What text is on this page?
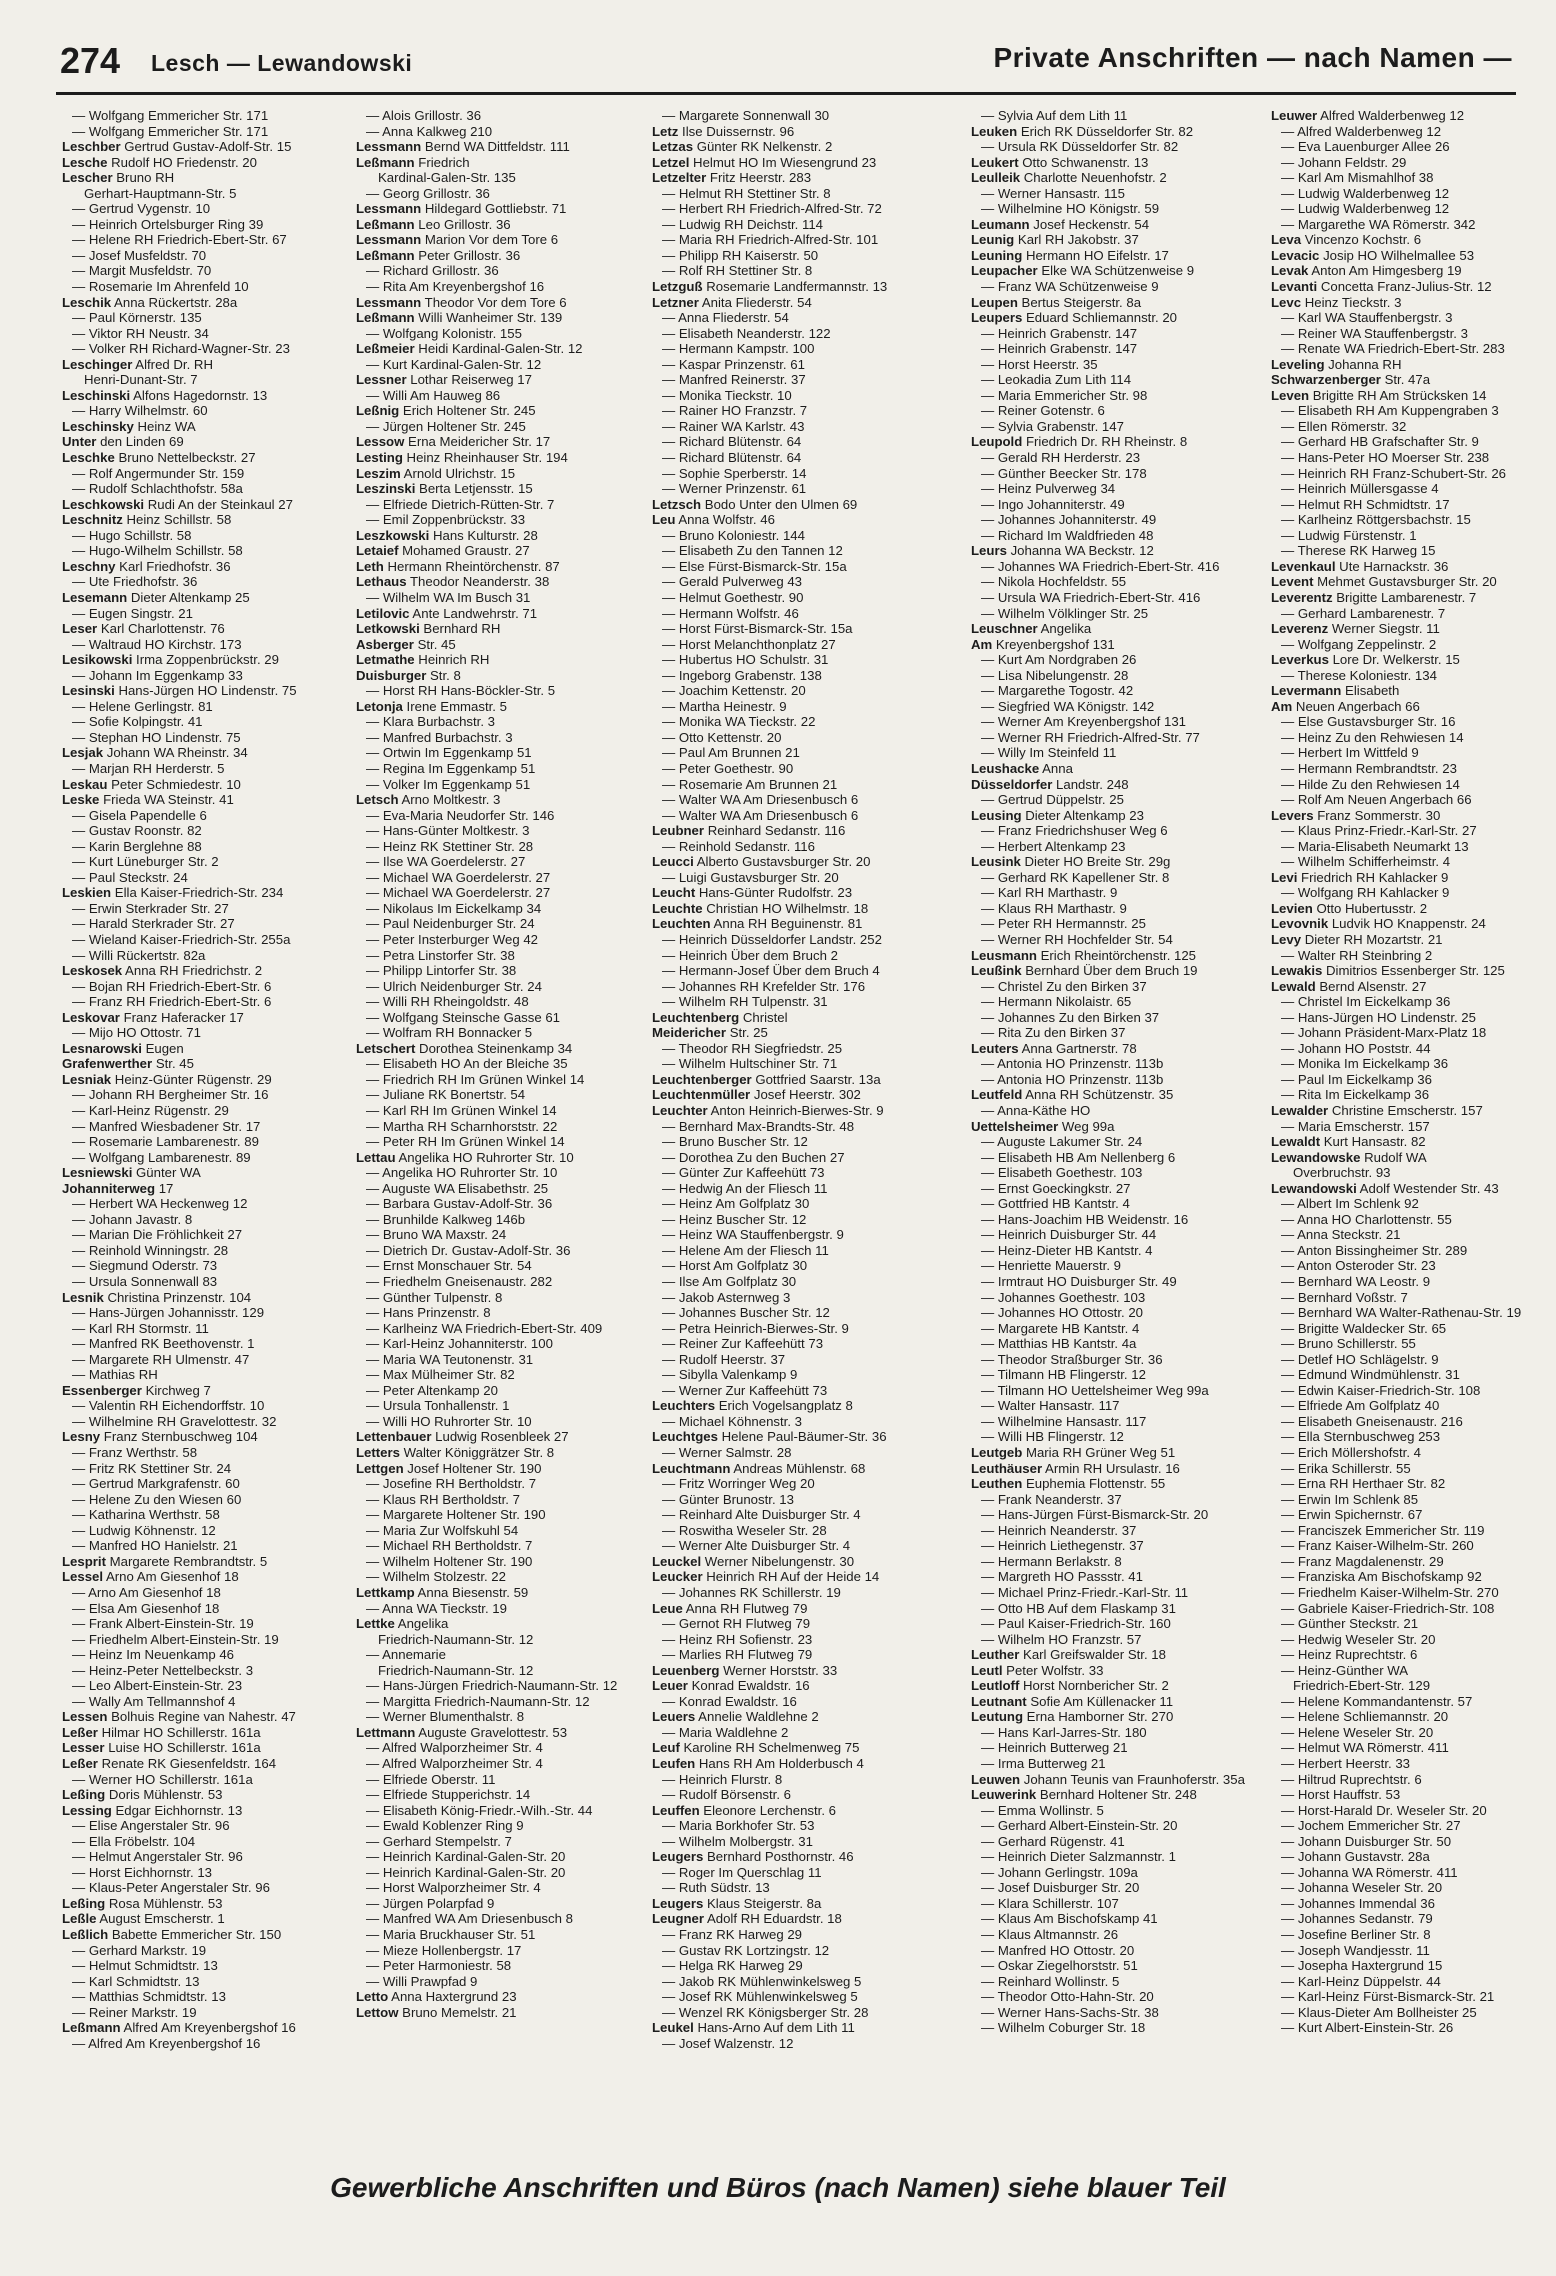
274 Lesch — Lewandowski	Private Anschriften — nach Namen —
— Wolfgang Emmericher Str. 171
— Wolfgang Emmericher Str. 171
Leschber Gertrud Gustav-Adolf-Str. 15
Lesche Rudolf HO Friedenstr. 20
Lescher Bruno RH
Gerhart-Hauptmann-Str. 5
— Gertrud Vygenstr. 10
— Heinrich Ortelsburger Ring 39
— Helene RH Friedrich-Ebert-Str. 67
— Josef Musfeldstr. 70
— Margit Musfeldstr. 70
— Rosemarie Im Ahrenfeld 10
Leschik Anna Rückertstr. 28a
— Paul Körnerstr. 135
— Viktor RH Neustr. 34
— Volker RH Richard-Wagner-Str. 23
Leschinger Alfred Dr. RH
Henri-Dunant-Str. 7
Leschinski Alfons Hagedornstr. 13
— Harry Wilhelmstr. 60
Leschinsky Heinz WA
Unter den Linden 69
Leschke Bruno Nettelbeckstr. 27
— Rolf Angermunder Str. 159
— Rudolf Schlachthofstr. 58a
Leschkowski Rudi An der Steinkaul 27
Leschnitz Heinz Schillstr. 58
— Hugo Schillstr. 58
— Hugo-Wilhelm Schillstr. 58
Leschny Karl Friedhofstr. 36
— Ute Friedhofstr. 36
Lesemann Dieter Altenkamp 25
— Eugen Singstr. 21
Leser Karl Charlottenstr. 76
— Waltraud HO Kirchstr. 173
Lesikowski Irma Zoppenbrückstr. 29
— Johann Im Eggenkamp 33
Lesinski Hans-Jürgen HO Lindenstr. 75
— Helene Gerlingstr. 81
— Sofie Kolpingstr. 41
— Stephan HO Lindenstr. 75
Lesjak Johann WA Rheinstr. 34
— Marjan RH Herderstr. 5
Leskau Peter Schmiedestr. 10
Leske Frieda WA Steinstr. 41
— Gisela Papendelle 6
— Gustav Roonstr. 82
— Karin Berglehne 88
— Kurt Lüneburger Str. 2
— Paul Steckstr. 24
Leskien Ella Kaiser-Friedrich-Str. 234
— Erwin Sterkrader Str. 27
— Harald Sterkrader Str. 27
— Wieland Kaiser-Friedrich-Str. 255a
— Willi Rückertstr. 82a
Leskosek Anna RH Friedrichstr. 2
— Bojan RH Friedrich-Ebert-Str. 6
— Franz RH Friedrich-Ebert-Str. 6
Leskovar Franz Haferacker 17
— Mijo HO Ottostr. 71
Lesnarowski Eugen
Grafenwerther Str. 45
Lesniak Heinz-Günter Rügenstr. 29
— Johann RH Bergheimer Str. 16
— Karl-Heinz Rügenstr. 29
— Manfred Wiesbadener Str. 17
— Rosemarie Lambarenestr. 89
— Wolfgang Lambarenestr. 89
Lesniewski Günter WA
Johanniterweg 17
— Herbert WA Heckenweg 12
— Johann Javastr. 8
— Marian Die Fröhlichkeit 27
— Reinhold Winningstr. 28
— Siegmund Oderstr. 73
— Ursula Sonnenwall 83
Lesnik Christina Prinzenstr. 104
— Hans-Jürgen Johannisstr. 129
— Karl RH Stormstr. 11
— Manfred RK Beethovenstr. 1
— Margarete RH Ulmenstr. 47
— Mathias RH
Essenberger Kirchweg 7
— Valentin RH Eichendorffstr. 10
— Wilhelmine RH Gravelottestr. 32
Lesny Franz Sternbuschweg 104
— Franz Werthstr. 58
— Fritz RK Stettiner Str. 24
— Gertrud Markgrafenstr. 60
— Helene Zu den Wiesen 60
— Katharina Werthstr. 58
— Ludwig Köhnenstr. 12
— Manfred HO Hanielstr. 21
Lesprit Margarete Rembrandtstr. 5
Lessel Arno Am Giesenhof 18
— Arno Am Giesenhof 18
— Elsa Am Giesenhof 18
— Frank Albert-Einstein-Str. 19
— Friedhelm Albert-Einstein-Str. 19
— Heinz Im Neuenkamp 46
— Heinz-Peter Nettelbeckstr. 3
— Leo Albert-Einstein-Str. 23
— Wally Am Tellmannshof 4
Lessen Bolhuis Regine van Nahestr. 47
Leßer Hilmar HO Schillerstr. 161a
Lesser Luise HO Schillerstr. 161a
Leßer Renate RK Giesenfeldstr. 164
— Werner HO Schillerstr. 161a
Leßing Doris Mühlenstr. 53
Lessing Edgar Eichhornstr. 13
— Elise Angerstaler Str. 96
— Ella Fröbelstr. 104
— Helmut Angerstaler Str. 96
— Horst Eichhornstr. 13
— Klaus-Peter Angerstaler Str. 96
Leßing Rosa Mühlenstr. 53
Leßle August Emscherstr. 1
Leßlich Babette Emmericher Str. 150
— Gerhard Markstr. 19
— Helmut Schmidtstr. 13
— Karl Schmidtstr. 13
— Matthias Schmidtstr. 13
— Reiner Markstr. 19
Leßmann Alfred Am Kreyenbergshof 16
— Alfred Am Kreyenbergshof 16
— Alois Grillostr. 36
— Anna Kalkweg 210
Lessmann Bernd WA Dittfeldstr. 111
Leßmann Friedrich
Kardinal-Galen-Str. 135
— Georg Grillostr. 36
Lessmann Hildegard Gottliebstr. 71
Leßmann Leo Grillostr. 36
Lessmann Marion Vor dem Tore 6
Leßmann Peter Grillostr. 36
— Richard Grillostr. 36
— Rita Am Kreyenbergshof 16
Lessmann Theodor Vor dem Tore 6
Leßmann Willi Wanheimer Str. 139
— Wolfgang Kolonistr. 155
Leßmeier Heidi Kardinal-Galen-Str. 12
— Kurt Kardinal-Galen-Str. 12
Lessner Lothar Reiserweg 17
— Willi Am Hauweg 86
Leßnig Erich Holtener Str. 245
— Jürgen Holtener Str. 245
Lessow Erna Meidericher Str. 17
Lesting Heinz Rheinhauser Str. 194
Leszim Arnold Ulrichstr. 15
Leszinski Berta Letjensstr. 15
— Elfriede Dietrich-Rütten-Str. 7
— Emil Zoppenbrückstr. 33
Leszkowski Hans Kulturstr. 28
Letaief Mohamed Graustr. 27
Leth Hermann Rheintörchenstr. 87
Lethaus Theodor Neanderstr. 38
— Wilhelm WA Im Busch 31
Letilovic Ante Landwehrstr. 71
Letkowski Bernhard RH
Asberger Str. 45
Letmathe Heinrich RH
Duisburger Str. 8
— Horst RH Hans-Böckler-Str. 5
Letonja Irene Emmastr. 5
— Klara Burbachstr. 3
— Manfred Burbachstr. 3
— Ortwin Im Eggenkamp 51
— Regina Im Eggenkamp 51
— Volker Im Eggenkamp 51
Letsch Arno Moltkestr. 3
— Eva-Maria Neudorfer Str. 146
— Hans-Günter Moltkestr. 3
— Heinz RK Stettiner Str. 28
— Ilse WA Goerdelerstr. 27
— Michael WA Goerdelerstr. 27
— Michael WA Goerdelerstr. 27
— Nikolaus Im Eickelkamp 34
— Paul Neidenburger Str. 24
— Peter Insterburger Weg 42
— Petra Linstorfer Str. 38
— Philipp Lintorfer Str. 38
— Ulrich Neidenburger Str. 24
— Willi RH Rheingoldstr. 48
— Wolfgang Steinsche Gasse 61
— Wolfram RH Bonnacker 5
Letschert Dorothea Steinenkamp 34
— Elisabeth HO An der Bleiche 35
— Friedrich RH Im Grünen Winkel 14
— Juliane RK Bonertstr. 54
— Karl RH Im Grünen Winkel 14
— Martha RH Scharnhorststr. 22
— Peter RH Im Grünen Winkel 14
Lettau Angelika HO Ruhrorter Str. 10
— Angelika HO Ruhrorter Str. 10
— Auguste WA Elisabethstr. 25
— Barbara Gustav-Adolf-Str. 36
— Brunhilde Kalkweg 146b
— Bruno WA Maxstr. 24
— Dietrich Dr. Gustav-Adolf-Str. 36
— Ernst Monschauer Str. 54
— Friedhelm Gneisenaustr. 282
— Günther Tulpenstr. 8
— Hans Prinzenstr. 8
— Karlheinz WA Friedrich-Ebert-Str. 409
— Karl-Heinz Johanniterstr. 100
— Maria WA Teutonenstr. 31
— Max Mülheimer Str. 82
— Peter Altenkamp 20
— Ursula Tonhallenstr. 1
— Willi HO Ruhrorter Str. 10
Lettenbauer Ludwig Rosenbleek 27
Letters Walter Königgrätzer Str. 8
Lettgen Josef Holtener Str. 190
— Josefine RH Bertholdstr. 7
— Klaus RH Bertholdstr. 7
— Margarete Holtener Str. 190
— Maria Zur Wolfskuhl 54
— Michael RH Bertholdstr. 7
— Wilhelm Holtener Str. 190
— Wilhelm Stolzestr. 22
Lettkamp Anna Biesenstr. 59
— Anna WA Tieckstr. 19
Lettke Angelika
Friedrich-Naumann-Str. 12
— Annemarie
Friedrich-Naumann-Str. 12
— Hans-Jürgen Friedrich-Naumann-Str. 12
— Margitta Friedrich-Naumann-Str. 12
— Werner Blumenthalstr. 8
Lettmann Auguste Gravelottestr. 53
— Alfred Walporzheimer Str. 4
— Alfred Walporzheimer Str. 4
— Elfriede Oberstr. 11
— Elfriede Stupperichstr. 14
— Elisabeth König-Friedr.-Wilh.-Str. 44
— Ewald Koblenzer Ring 9
— Gerhard Stempelstr. 7
— Heinrich Kardinal-Galen-Str. 20
— Heinrich Kardinal-Galen-Str. 20
— Horst Walporzheimer Str. 4
— Jürgen Polarpfad 9
— Manfred WA Am Driesenbusch 8
— Maria Bruckhauser Str. 51
— Mieze Hollenbergstr. 17
— Peter Harmoniestr. 58
— Willi Prawpfad 9
Letto Anna Haxtergrund 23
Lettow Bruno Memelstr. 21
— Margarete Sonnenwall 30
Letz Ilse Duissernstr. 96
Letzas Günter RK Nelkenstr. 2
Letzel Helmut HO Im Wiesengrund 23
Letzelter Fritz Heerstr. 283
— Helmut RH Stettiner Str. 8
— Herbert RH Friedrich-Alfred-Str. 72
— Ludwig RH Deichstr. 114
— Maria RH Friedrich-Alfred-Str. 101
— Philipp RH Kaiserstr. 50
— Rolf RH Stettiner Str. 8
Letzguß Rosemarie Landfermannstr. 13
Letzner Anita Fliederstr. 54
— Anna Fliederstr. 54
— Elisabeth Neanderstr. 122
— Hermann Kampstr. 100
— Kaspar Prinzenstr. 61
— Manfred Reinerstr. 37
— Monika Tieckstr. 10
— Rainer HO Franzstr. 7
— Rainer WA Karlstr. 43
— Richard Blütenstr. 64
— Richard Blütenstr. 64
— Sophie Sperberstr. 14
— Werner Prinzenstr. 61
Letzsch Bodo Unter den Ulmen 69
Leu Anna Wolfstr. 46
— Bruno Koloniestr. 144
— Elisabeth Zu den Tannen 12
— Else Fürst-Bismarck-Str. 15a
— Gerald Pulverweg 43
— Helmut Goethestr. 90
— Hermann Wolfstr. 46
— Horst Fürst-Bismarck-Str. 15a
— Horst Melanchthonplatz 27
— Hubertus HO Schulstr. 31
— Ingeborg Grabenstr. 138
— Joachim Kettenstr. 20
— Martha Heinestr. 9
— Monika WA Tieckstr. 22
— Otto Kettenstr. 20
— Paul Am Brunnen 21
— Peter Goethestr. 90
— Rosemarie Am Brunnen 21
— Walter WA Am Driesenbusch 6
— Walter WA Am Driesenbusch 6
Leubner Reinhard Sedanstr. 116
— Reinhold Sedanstr. 116
Leucci Alberto Gustavsburger Str. 20
— Luigi Gustavsburger Str. 20
Leucht Hans-Günter Rudolfstr. 23
Leuchte Christian HO Wilhelmstr. 18
Leuchten Anna RH Beguinenstr. 81
— Heinrich Düsseldorfer Landstr. 252
— Heinrich Über dem Bruch 2
— Hermann-Josef Über dem Bruch 4
— Johannes RH Krefelder Str. 176
— Wilhelm RH Tulpenstr. 31
Leuchtenberg Christel
Meidericher Str. 25
— Theodor RH Siegfriedstr. 25
— Wilhelm Hultschiner Str. 71
Leuchtenberger Gottfried Saarstr. 13a
Leuchtenmüller Josef Heerstr. 302
Leuchter Anton Heinrich-Bierwes-Str. 9
— Bernhard Max-Brandts-Str. 48
— Bruno Buscher Str. 12
— Dorothea Zu den Buchen 27
— Günter Zur Kaffeehütt 73
— Hedwig An der Fliesch 11
— Heinz Am Golfplatz 30
— Heinz Buscher Str. 12
— Heinz WA Stauffenbergstr. 9
— Helene Am der Fliesch 11
— Horst Am Golfplatz 30
— Ilse Am Golfplatz 30
— Jakob Asternweg 3
— Johannes Buscher Str. 12
— Petra Heinrich-Bierwes-Str. 9
— Reiner Zur Kaffeehütt 73
— Rudolf Heerstr. 37
— Sibylla Valenkamp 9
— Werner Zur Kaffeehütt 73
Leuchters Erich Vogelsangplatz 8
— Michael Köhnenstr. 3
Leuchtges Helene Paul-Bäumer-Str. 36
— Werner Salmstr. 28
Leuchtmann Andreas Mühlenstr. 68
— Fritz Worringer Weg 20
— Günter Brunostr. 13
— Reinhard Alte Duisburger Str. 4
— Roswitha Weseler Str. 28
— Werner Alte Duisburger Str. 4
Leuckel Werner Nibelungenstr. 30
Leucker Heinrich RH Auf der Heide 14
— Johannes RK Schillerstr. 19
Leue Anna RH Flutweg 79
— Gernot RH Flutweg 79
— Heinz RH Sofienstr. 23
— Marlies RH Flutweg 79
Leuenberg Werner Horststr. 33
Leuer Konrad Ewaldstr. 16
— Konrad Ewaldstr. 16
Leuers Annelie Waldlehne 2
— Maria Waldlehne 2
Leuf Karoline RH Schelmenweg 75
Leufen Hans RH Am Holderbusch 4
— Heinrich Flurstr. 8
— Rudolf Börsenstr. 6
Leuffen Eleonore Lerchenstr. 6
— Maria Borkhofer Str. 53
— Wilhelm Molbergstr. 31
Leugers Bernhard Posthornstr. 46
— Roger Im Querschlag 11
— Ruth Südstr. 13
Leugers Klaus Steigerstr. 8a
Leugner Adolf RH Eduardstr. 18
— Franz RK Harweg 29
— Gustav RK Lortzingstr. 12
— Helga RK Harweg 29
— Jakob RK Mühlenwinkelsweg 5
— Josef RK Mühlenwinkelsweg 5
— Wenzel RK Königsberger Str. 28
Leukel Hans-Arno Auf dem Lith 11
— Josef Walzenstr. 12
— Sylvia Auf dem Lith 11
Leuken Erich RK Düsseldorfer Str. 82
— Ursula RK Düsseldorfer Str. 82
Leukert Otto Schwanenstr. 13
Leulleik Charlotte Neuenhofstr. 2
— Werner Hansastr. 115
— Wilhelmine HO Königstr. 59
Leumann Josef Heckenstr. 54
Leunig Karl RH Jakobstr. 37
Leuning Hermann HO Eifelstr. 17
Leupacher Elke WA Schützenweise 9
— Franz WA Schützenweise 9
Leupen Bertus Steigerstr. 8a
Leupers Eduard Schliemannstr. 20
— Heinrich Grabenstr. 147
— Heinrich Grabenstr. 147
— Horst Heerstr. 35
— Leokadia Zum Lith 114
— Maria Emmericher Str. 98
— Reiner Gotenstr. 6
— Sylvia Grabenstr. 147
Leupold Friedrich Dr. RH Rheinstr. 8
— Gerald RH Herderstr. 23
— Günther Beecker Str. 178
— Heinz Pulverweg 34
— Ingo Johanniterstr. 49
— Johannes Johanniterstr. 49
— Richard Im Waldfrieden 48
Leurs Johanna WA Beckstr. 12
— Johannes WA Friedrich-Ebert-Str. 416
— Nikola Hochfeldstr. 55
— Ursula WA Friedrich-Ebert-Str. 416
— Wilhelm Völklinger Str. 25
Leuschner Angelika
Am Kreyenbergshof 131
— Kurt Am Nordgraben 26
— Lisa Nibelungenstr. 28
— Margarethe Togostr. 42
— Siegfried WA Königstr. 142
— Werner Am Kreyenbergshof 131
— Werner RH Friedrich-Alfred-Str. 77
— Willy Im Steinfeld 11
Leushacke Anna
Düsseldorfer Landstr. 248
— Gertrud Düppelstr. 25
Leusing Dieter Altenkamp 23
— Franz Friedrichshuser Weg 6
— Herbert Altenkamp 23
Leusink Dieter HO Breite Str. 29g
— Gerhard RK Kapellener Str. 8
— Karl RH Marthastr. 9
— Klaus RH Marthastr. 9
— Peter RH Hermannstr. 25
— Werner RH Hochfelder Str. 54
Leusmann Erich Rheintörchenstr. 125
Leußink Bernhard Über dem Bruch 19
— Christel Zu den Birken 37
— Hermann Nikolaistr. 65
— Johannes Zu den Birken 37
— Rita Zu den Birken 37
Leuters Anna Gartnerstr. 78
— Antonia HO Prinzenstr. 113b
— Antonia HO Prinzenstr. 113b
Leutfeld Anna RH Schützenstr. 35
— Anna-Käthe HO
Uettelsheimer Weg 99a
— Auguste Lakumer Str. 24
— Elisabeth HB Am Nellenberg 6
— Elisabeth Goethestr. 103
— Ernst Goeckingkstr. 27
— Gottfried HB Kantstr. 4
— Hans-Joachim HB Weidenstr. 16
— Heinrich Duisburger Str. 44
— Heinz-Dieter HB Kantstr. 4
— Henriette Mauerstr. 9
— Irmtraut HO Duisburger Str. 49
— Johannes Goethestr. 103
— Johannes HO Ottostr. 20
— Margarete HB Kantstr. 4
— Matthias HB Kantstr. 4a
— Theodor Straßburger Str. 36
— Tilmann HB Flingerstr. 12
— Tilmann HO Uettelsheimer Weg 99a
— Walter Hansastr. 117
— Wilhelmine Hansastr. 117
— Willi HB Flingerstr. 12
Leutgeb Maria RH Grüner Weg 51
Leuthäuser Armin RH Ursulastr. 16
Leuthen Euphemia Flottenstr. 55
— Frank Neanderstr. 37
— Hans-Jürgen Fürst-Bismarck-Str. 20
— Heinrich Neanderstr. 37
— Heinrich Liethegenstr. 37
— Hermann Berlakstr. 8
— Margreth HO Passstr. 41
— Michael Prinz-Friedr.-Karl-Str. 11
— Otto HB Auf dem Flaskamp 31
— Paul Kaiser-Friedrich-Str. 160
— Wilhelm HO Franzstr. 57
Leuther Karl Greifswalder Str. 18
Leutl Peter Wolfstr. 33
Leutloff Horst Nornbericher Str. 2
Leutnant Sofie Am Küllenacker 11
Leutung Erna Hamborner Str. 270
— Hans Karl-Jarres-Str. 180
— Heinrich Butterweg 21
— Irma Butterweg 21
Leuwen Johann Teunis van Fraunhoferstr. 35a
Leuwerink Bernhard Holtener Str. 248
— Emma Wollinstr. 5
— Gerhard Albert-Einstein-Str. 20
— Gerhard Rügenstr. 41
— Heinrich Dieter Salzmannstr. 1
— Johann Gerlingstr. 109a
— Josef Duisburger Str. 20
— Klara Schillerstr. 107
— Klaus Am Bischofskamp 41
— Klaus Altmannstr. 26
— Manfred HO Ottostr. 20
— Oskar Ziegelhorststr. 51
— Reinhard Wollinstr. 5
— Theodor Otto-Hahn-Str. 20
— Werner Hans-Sachs-Str. 38
— Wilhelm Coburger Str. 18
Leuwer Alfred Walderbenweg 12
— Alfred Walderbenweg 12
— Eva Lauenburger Allee 26
— Johann Feldstr. 29
— Karl Am Mismahlhof 38
— Ludwig Walderbenweg 12
— Ludwig Walderbenweg 12
— Margarethe WA Römerstr. 342
Leva Vincenzo Kochstr. 6
Levacic Josip HO Wilhelmallee 53
Levak Anton Am Himgesberg 19
Levanti Concetta Franz-Julius-Str. 12
Levc Heinz Tieckstr. 3
— Karl WA Stauffenbergstr. 3
— Reiner WA Stauffenbergstr. 3
— Renate WA Friedrich-Ebert-Str. 283
Leveling Johanna RH
Schwarzenberger Str. 47a
Leven Brigitte RH Am Strücksken 14
— Elisabeth RH Am Kuppengraben 3
— Ellen Römerstr. 32
— Gerhard HB Grafschafter Str. 9
— Hans-Peter HO Moerser Str. 238
— Heinrich RH Franz-Schubert-Str. 26
— Heinrich Müllersgasse 4
— Helmut RH Schmidtstr. 17
— Karlheinz Röttgersbachstr. 15
— Ludwig Fürstenstr. 1
— Therese RK Harweg 15
Levenkaul Ute Harnackstr. 36
Levent Mehmet Gustavsburger Str. 20
Leverentz Brigitte Lambarenestr. 7
— Gerhard Lambarenestr. 7
Leverenz Werner Siegstr. 11
— Wolfgang Zeppelinstr. 2
Leverkus Lore Dr. Welkerstr. 15
— Therese Koloniestr. 134
Levermann Elisabeth
Am Neuen Angerbach 66
— Else Gustavsburger Str. 16
— Heinz Zu den Rehwiesen 14
— Herbert Im Wittfeld 9
— Hermann Rembrandtstr. 23
— Hilde Zu den Rehwiesen 14
— Rolf Am Neuen Angerbach 66
Levers Franz Sommerstr. 30
— Klaus Prinz-Friedr.-Karl-Str. 27
— Maria-Elisabeth Neumarkt 13
— Wilhelm Schifferheimstr. 4
Levi Friedrich RH Kahlacker 9
— Wolfgang RH Kahlacker 9
Levien Otto Hubertusstr. 2
Levovnik Ludvik HO Knappenstr. 24
Levy Dieter RH Mozartstr. 21
— Walter RH Steinbring 2
Lewakis Dimitrios Essenberger Str. 125
Lewald Bernd Alsenstr. 27
— Christel Im Eickelkamp 36
— Hans-Jürgen HO Lindenstr. 25
— Johann Präsident-Marx-Platz 18
— Johann HO Poststr. 44
— Monika Im Eickelkamp 36
— Paul Im Eickelkamp 36
— Rita Im Eickelkamp 36
Lewalder Christine Emscherstr. 157
— Maria Emscherstr. 157
Lewaldt Kurt Hansastr. 82
Lewandowske Rudolf WA
Overbruchstr. 93
Lewandowski Adolf Westender Str. 43
— Albert Im Schlenk 92
— Anna HO Charlottenstr. 55
— Anna Steckstr. 21
— Anton Bissingheimer Str. 289
— Anton Osteroder Str. 23
— Bernhard WA Leostr. 9
— Bernhard Voßstr. 7
— Bernhard WA Walter-Rathenau-Str. 19
— Brigitte Waldecker Str. 65
— Bruno Schillerstr. 55
— Detlef HO Schlägelstr. 9
— Edmund Windmühlenstr. 31
— Edwin Kaiser-Friedrich-Str. 108
— Elfriede Am Golfplatz 40
— Elisabeth Gneisenaustr. 216
— Ella Sternbuschweg 253
— Erich Möllershofstr. 4
— Erika Schillerstr. 55
— Erna RH Herthaer Str. 82
— Erwin Im Schlenk 85
— Erwin Spichernstr. 67
— Franciszek Emmericher Str. 119
— Franz Kaiser-Wilhelm-Str. 260
— Franz Magdalenenstr. 29
— Franziska Am Bischofskamp 92
— Friedhelm Kaiser-Wilhelm-Str. 270
— Gabriele Kaiser-Friedrich-Str. 108
— Günther Steckstr. 21
— Hedwig Weseler Str. 20
— Heinz Ruprechtstr. 6
— Heinz-Günther WA
Friedrich-Ebert-Str. 129
— Helene Kommandantenstr. 57
— Helene Schliemannstr. 20
— Helene Weseler Str. 20
— Helmut WA Römerstr. 411
— Herbert Heerstr. 33
— Hiltrud Ruprechtstr. 6
— Horst Hauffstr. 53
— Horst-Harald Dr. Weseler Str. 20
— Jochem Emmericher Str. 27
— Johann Duisburger Str. 50
— Johann Gustavstr. 28a
— Johanna WA Römerstr. 411
— Johanna Weseler Str. 20
— Johannes Immendal 36
— Johannes Sedanstr. 79
— Josefine Berliner Str. 8
— Joseph Wandjesstr. 11
— Josepha Haxtergrund 15
— Karl-Heinz Düppelstr. 44
— Karl-Heinz Fürst-Bismarck-Str. 21
— Klaus-Dieter Am Bollheister 25
— Kurt Albert-Einstein-Str. 26
Gewerbliche Anschriften und Büros (nach Namen) siehe blauer Teil
